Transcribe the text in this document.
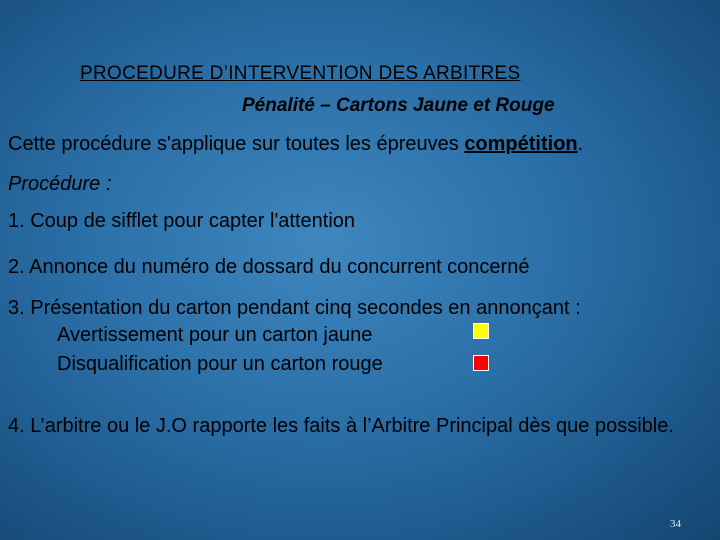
PROCEDURE D’INTERVENTION DES ARBITRES
Pénalité – Cartons Jaune et Rouge
Cette procédure s'applique sur toutes les épreuves compétition.
Procédure :
1. Coup de sifflet pour capter l'attention
2. Annonce du numéro de dossard du concurrent concerné
3. Présentation du carton pendant cinq secondes en annonçant :
Avertissement pour un carton jaune
Disqualification pour un carton rouge
4. L’arbitre ou le J.O rapporte les faits à l’Arbitre Principal dès que possible.
34
